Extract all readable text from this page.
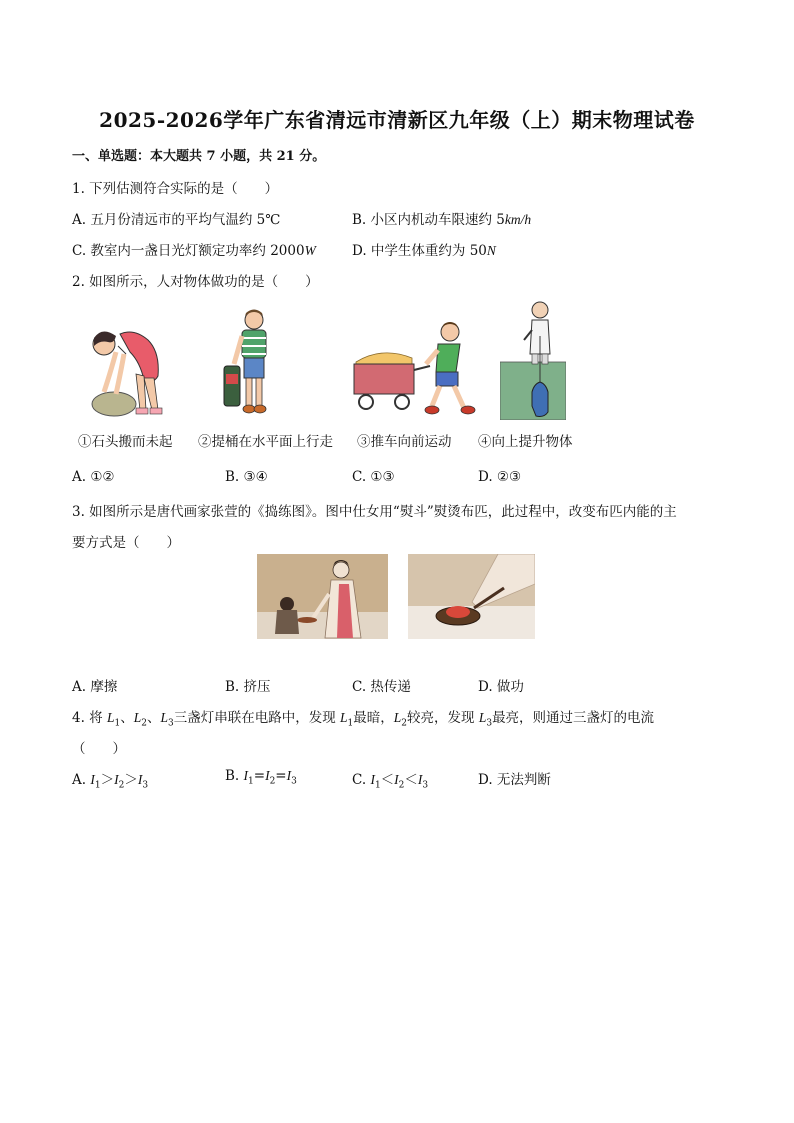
2025-2026学年广东省清远市清新区九年级（上）期末物理试卷
一、单选题：本大题共 7 小题，共 21 分。
1. 下列估测符合实际的是（　　）
A. 五月份清远市的平均气温约 5℃	B. 小区内机动车限速约 5km/h
C. 教室内一盏日光灯额定功率约 2000W	D. 中学生体重约为 50N
2. 如图所示，人对物体做功的是（　　）
①石头搬而未起 ②提桶在水平面上行走 ③推车向前运动 ④向上提升物体
A. ①②	B. ③④	C. ①③	D. ②③
3. 如图所示是唐代画家张萱的《捣练图》。图中仕女用“熨斗”熨烫布匹，此过程中，改变布匹内能的主
要方式是（　　）
A. 摩擦	B. 挤压	C. 热传递	D. 做功
4. 将 $L_1$、$L_2$、$L_3$三盏灯串联在电路中，发现 $L_1$最暗，$L_2$较亮，发现 $L_3$最亮，则通过三盏灯的电流
（　　）
A. $I_1>I_2>I_3$
B. $I_1=I_2=I_3$	C. $I_1<I_2<I_3$	D. 无法判断
